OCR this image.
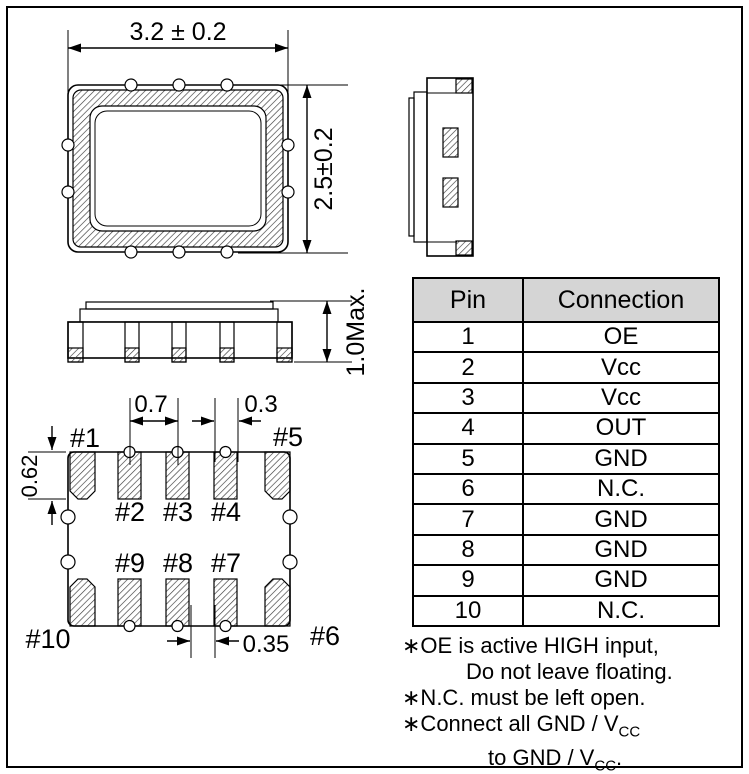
3.2 ± 0.2
2.5±0.2
1.0Max.
#1	#5
#2 #3 #4
#9 #8 #7
#10	#6
0.7	0.3
0.62
0.35
Pin	Connection
1	OE
2	Vcc
3	Vcc
4	OUT
5	GND
6	N.C.
7	GND
8	GND
9	GND
10	N.C.
∗OE is active HIGH input,
Do not leave floating.
∗N.C. must be left open.
∗Connect all GND / $V_{CC}$
to GND / $V_{CC}$.
